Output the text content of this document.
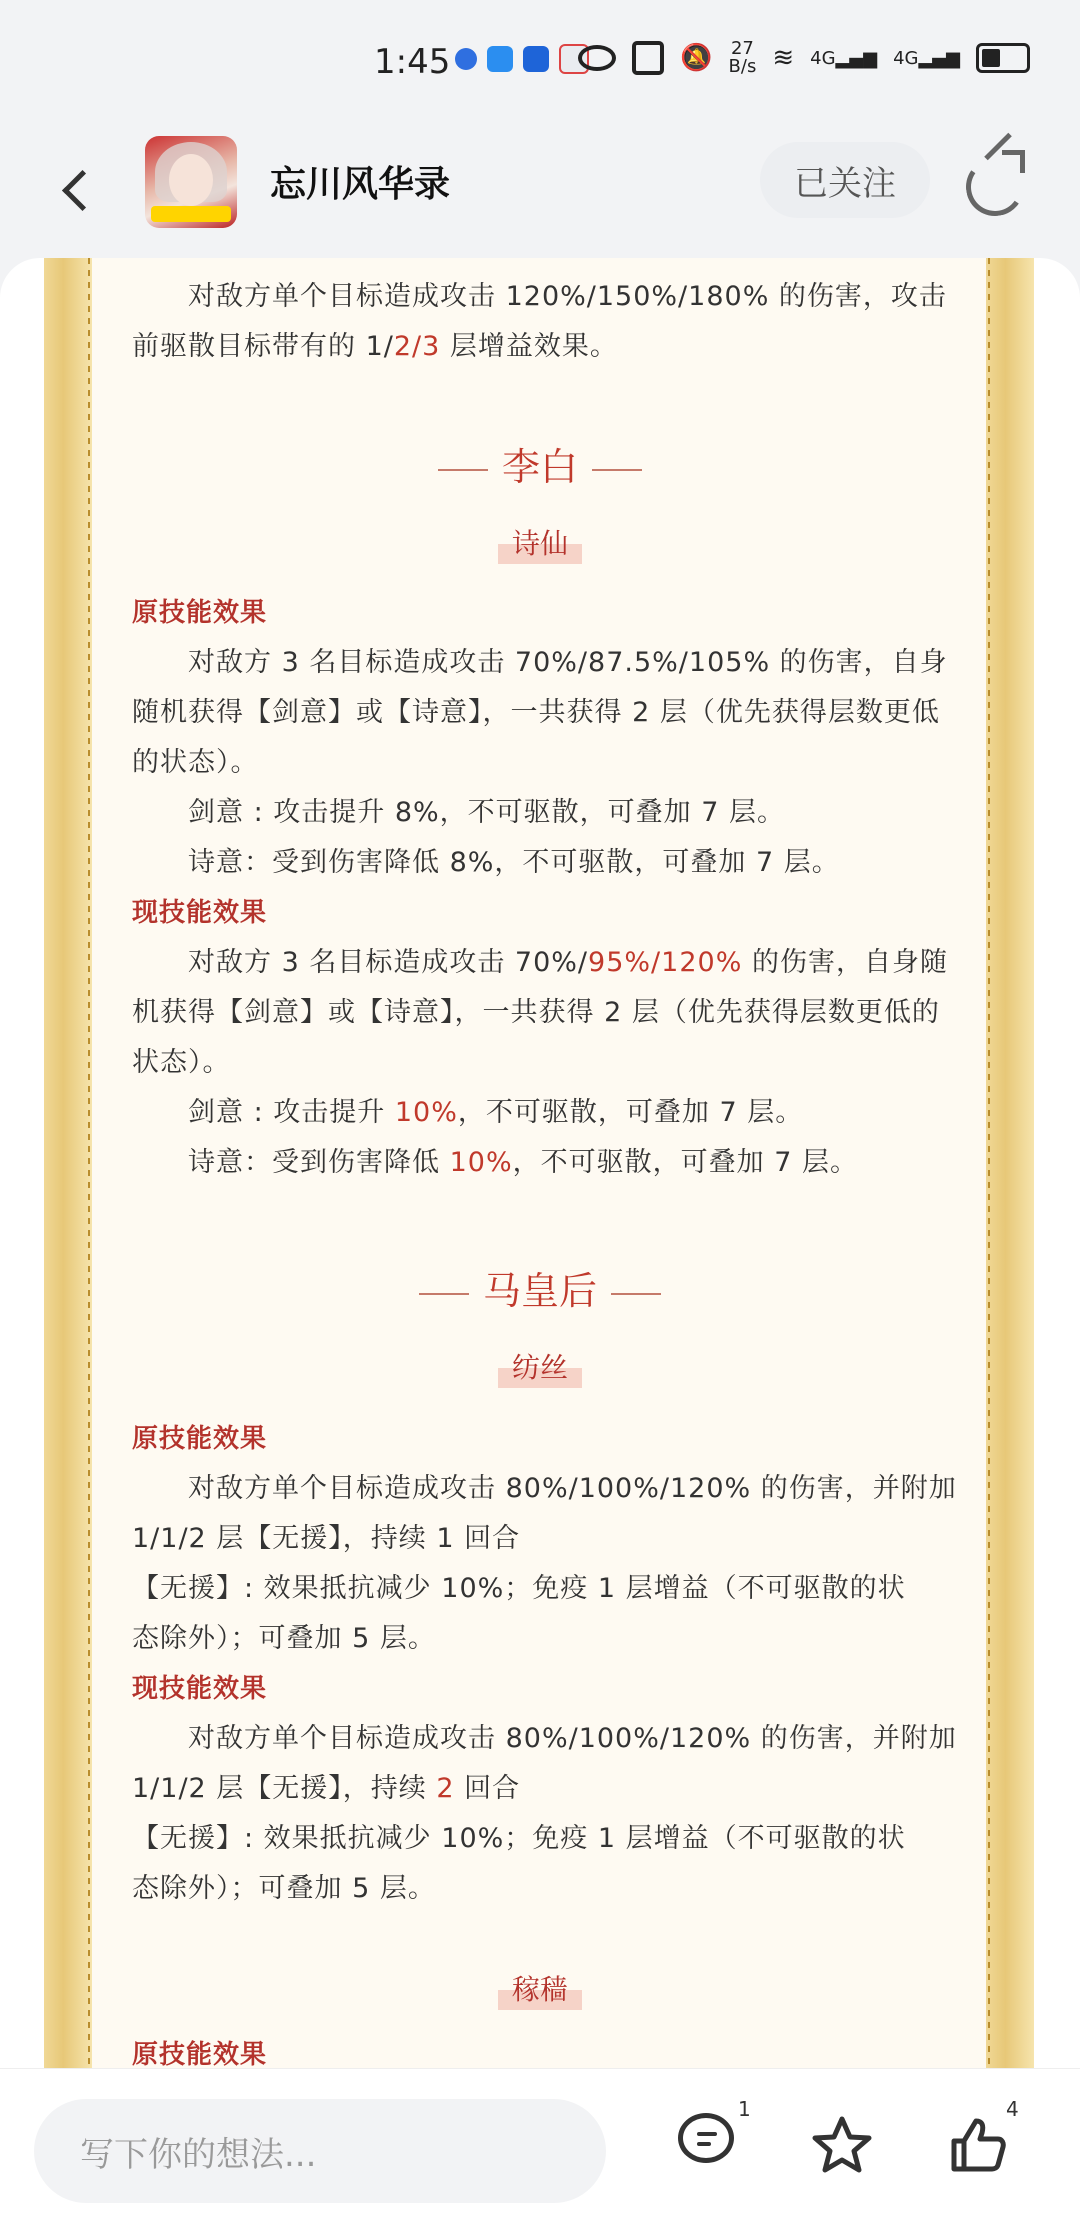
1:45	🔕 27
B/s ≋ 4G▂▄▆ 4G▂▄▆
忘川风华录	已关注

对敌方单个目标造成攻击 120%/150%/180% 的伤害，攻击

前驱散目标带有的 1/2/3 层增益效果。

李白
诗仙

原技能效果

对敌方 3 名目标造成攻击 70%/87.5%/105% 的伤害，自身

随机获得【剑意】或【诗意】，一共获得 2 层（优先获得层数更低

的状态）。

剑意 : 攻击提升 8%，不可驱散，可叠加 7 层。

诗意：受到伤害降低 8%，不可驱散，可叠加 7 层。

现技能效果

对敌方 3 名目标造成攻击 70%/95%/120% 的伤害，自身随

机获得【剑意】或【诗意】，一共获得 2 层（优先获得层数更低的

状态）。

剑意 : 攻击提升 10%，不可驱散，可叠加 7 层。

诗意：受到伤害降低 10%，不可驱散，可叠加 7 层。

马皇后
纺丝

原技能效果

对敌方单个目标造成攻击 80%/100%/120% 的伤害，并附加

1/1/2 层【无援】，持续 1 回合

【无援】: 效果抵抗减少 10%；免疫 1 层增益（不可驱散的状

态除外）；可叠加 5 层。

现技能效果

对敌方单个目标造成攻击 80%/100%/120% 的伤害，并附加

1/1/2 层【无援】，持续 2 回合

【无援】: 效果抵抗减少 10%；免疫 1 层增益（不可驱散的状

态除外）；可叠加 5 层。

稼穑

原技能效果

写下你的想法...
1	4
